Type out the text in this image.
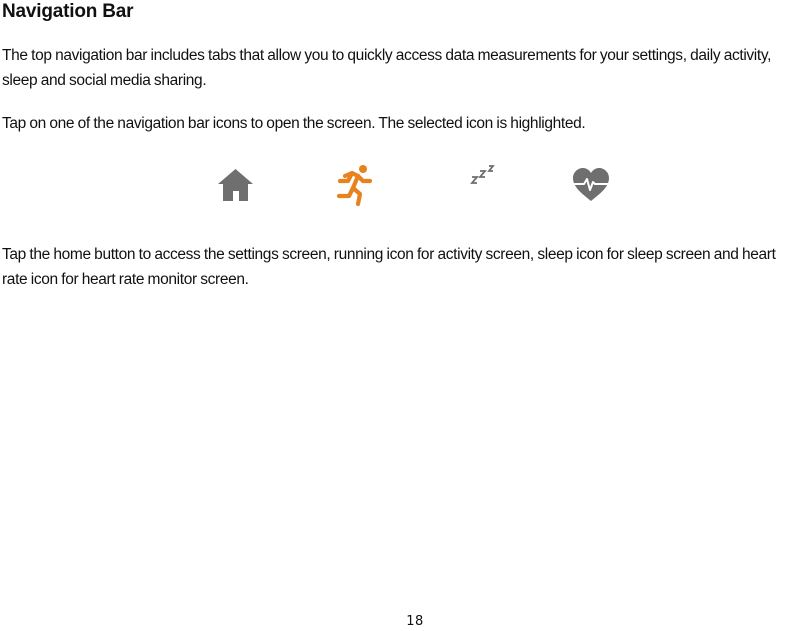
Navigation Bar

The top navigation bar includes tabs that allow you to quickly access data measurements for your settings, daily activity, sleep and social media sharing.

Tap on one of the navigation bar icons to open the screen. The selected icon is highlighted.

Tap the home button to access the settings screen, running icon for activity screen, sleep icon for sleep screen and heart rate icon for heart rate monitor screen.

18
